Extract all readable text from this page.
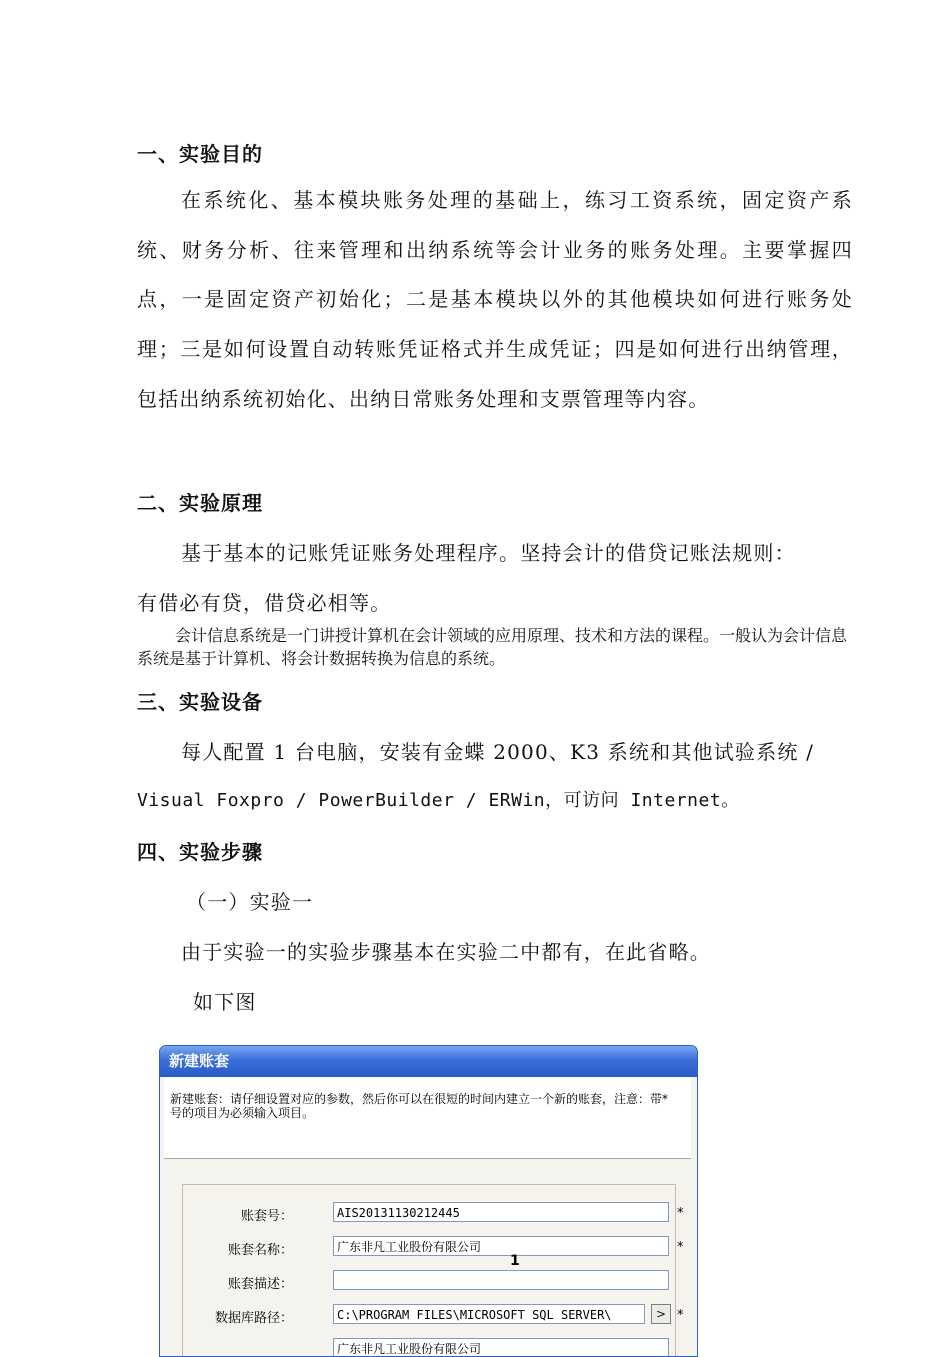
一、实验目的
在系统化、基本模块账务处理的基础上，练习工资系统，固定资产系统、财务分析、往来管理和出纳系统等会计业务的账务处理。主要掌握四点，一是固定资产初始化；二是基本模块以外的其他模块如何进行账务处理；三是如何设置自动转账凭证格式并生成凭证；四是如何进行出纳管理，包括出纳系统初始化、出纳日常账务处理和支票管理等内容。
二、实验原理
基于基本的记账凭证账务处理程序。坚持会计的借贷记账法规则：
有借必有贷，借贷必相等。
会计信息系统是一门讲授计算机在会计领域的应用原理、技术和方法的课程。一般认为会计信息系统是基于计算机、将会计数据转换为信息的系统。
三、实验设备
每人配置 1 台电脑，安装有金蝶 2000、K3 系统和其他试验系统 /
Visual Foxpro / PowerBuilder / ERWin，可访问 Internet。
四、实验步骤
（一）实验一
由于实验一的实验步骤基本在实验二中都有，在此省略。
如下图
新建账套
新建账套：请仔细设置对应的参数，然后你可以在很短的时间内建立一个新的账套，注意：带*号的项目为必须输入项目。
账套号：	AIS20131130212445	*
账套名称：	广东非凡工业股份有限公司	*
1
账套描述：
数据库路径：	C:\PROGRAM FILES\MICROSOFT SQL SERVER\	> *
广东非凡工业股份有限公司
